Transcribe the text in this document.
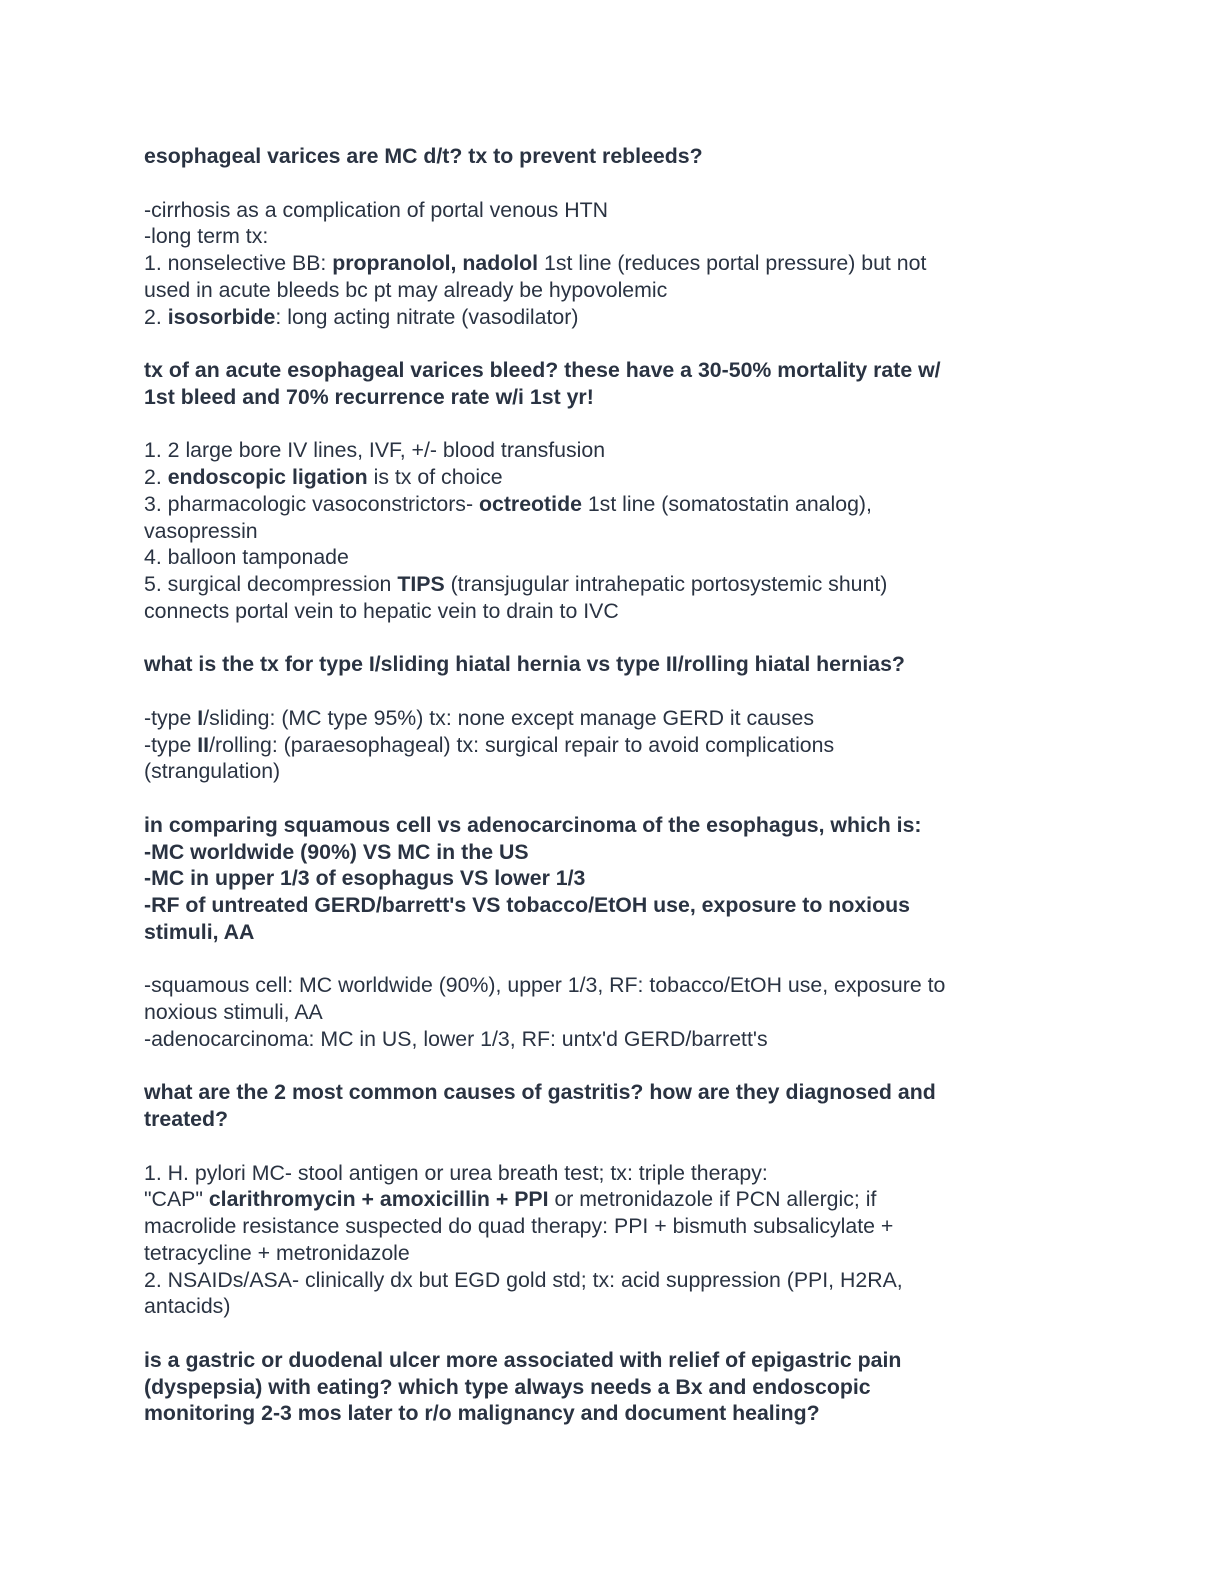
esophageal varices are MC d/t? tx to prevent rebleeds?
-cirrhosis as a complication of portal venous HTN
-long term tx:
1. nonselective BB: propranolol, nadolol 1st line (reduces portal pressure) but not
used in acute bleeds bc pt may already be hypovolemic
2. isosorbide: long acting nitrate (vasodilator)
tx of an acute esophageal varices bleed? these have a 30-50% mortality rate w/
1st bleed and 70% recurrence rate w/i 1st yr!
1. 2 large bore IV lines, IVF, +/- blood transfusion
2. endoscopic ligation is tx of choice
3. pharmacologic vasoconstrictors- octreotide 1st line (somatostatin analog),
vasopressin
4. balloon tamponade
5. surgical decompression TIPS (transjugular intrahepatic portosystemic shunt)
connects portal vein to hepatic vein to drain to IVC
what is the tx for type I/sliding hiatal hernia vs type II/rolling hiatal hernias?
-type I/sliding: (MC type 95%) tx: none except manage GERD it causes
-type II/rolling: (paraesophageal) tx: surgical repair to avoid complications
(strangulation)
in comparing squamous cell vs adenocarcinoma of the esophagus, which is:
-MC worldwide (90%) VS MC in the US
-MC in upper 1/3 of esophagus VS lower 1/3
-RF of untreated GERD/barrett's VS tobacco/EtOH use, exposure to noxious
stimuli, AA
-squamous cell: MC worldwide (90%), upper 1/3, RF: tobacco/EtOH use, exposure to
noxious stimuli, AA
-adenocarcinoma: MC in US, lower 1/3, RF: untx'd GERD/barrett's
what are the 2 most common causes of gastritis? how are they diagnosed and
treated?
1. H. pylori MC- stool antigen or urea breath test; tx: triple therapy:
"CAP" clarithromycin + amoxicillin + PPI or metronidazole if PCN allergic; if
macrolide resistance suspected do quad therapy: PPI + bismuth subsalicylate +
tetracycline + metronidazole
2. NSAIDs/ASA- clinically dx but EGD gold std; tx: acid suppression (PPI, H2RA,
antacids)
is a gastric or duodenal ulcer more associated with relief of epigastric pain
(dyspepsia) with eating? which type always needs a Bx and endoscopic
monitoring 2-3 mos later to r/o malignancy and document healing?
